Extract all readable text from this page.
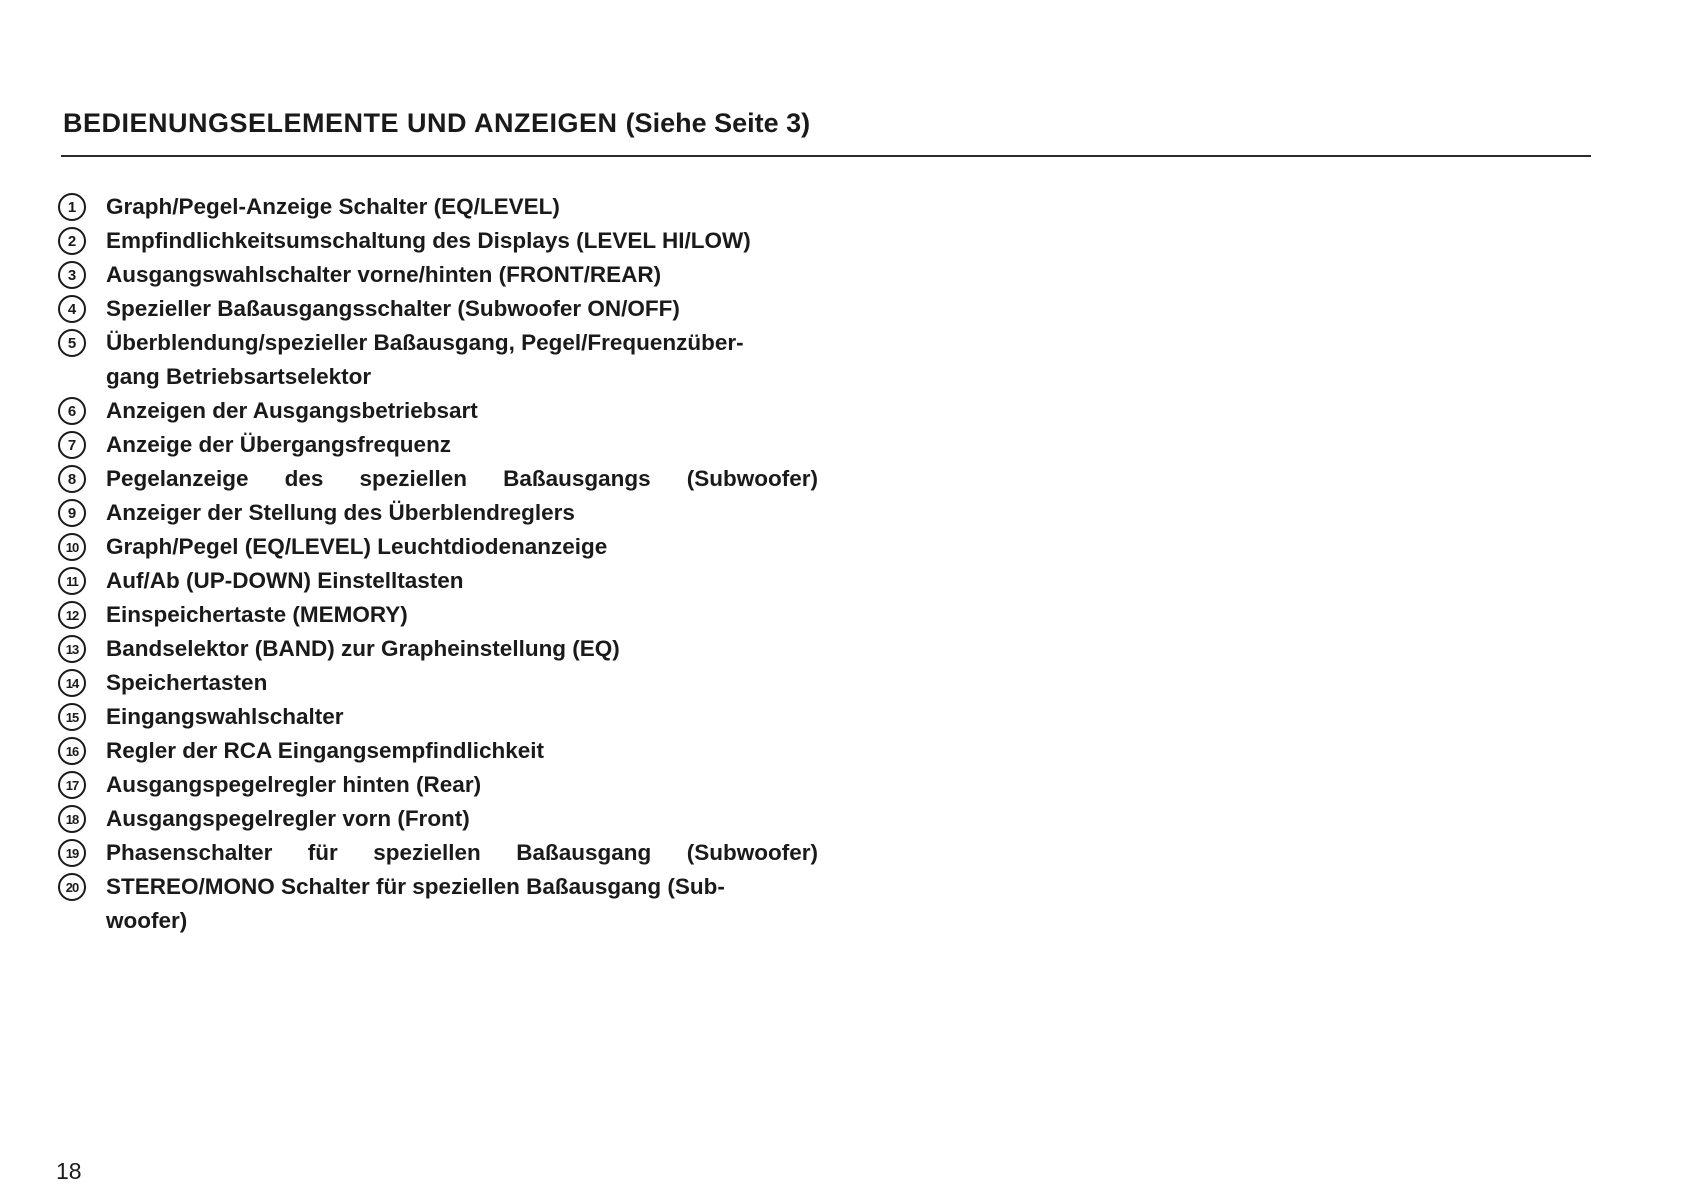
BEDIENUNGSELEMENTE UND ANZEIGEN (Siehe Seite 3)
1	Graph/Pegel-Anzeige Schalter (EQ/LEVEL)
2	Empfindlichkeitsumschaltung des Displays (LEVEL HI/LOW)
3	Ausgangswahlschalter vorne/hinten (FRONT/REAR)
4	Spezieller Baßausgangsschalter (Subwoofer ON/OFF)
5	Überblendung/spezieller Baßausgang, Pegel/Frequenzüber-
gang Betriebsartselektor
6	Anzeigen der Ausgangsbetriebsart
7	Anzeige der Übergangsfrequenz
8	Pegelanzeige des speziellen Baßausgangs (Subwoofer)
9	Anzeiger der Stellung des Überblendreglers
10	Graph/Pegel (EQ/LEVEL) Leuchtdiodenanzeige
11	Auf/Ab (UP-DOWN) Einstelltasten
12	Einspeichertaste (MEMORY)
13	Bandselektor (BAND) zur Grapheinstellung (EQ)
14	Speichertasten
15	Eingangswahlschalter
16	Regler der RCA Eingangsempfindlichkeit
17	Ausgangspegelregler hinten (Rear)
18	Ausgangspegelregler vorn (Front)
19	Phasenschalter für speziellen Baßausgang (Subwoofer)
20	STEREO/MONO Schalter für speziellen Baßausgang (Sub-
woofer)
18
